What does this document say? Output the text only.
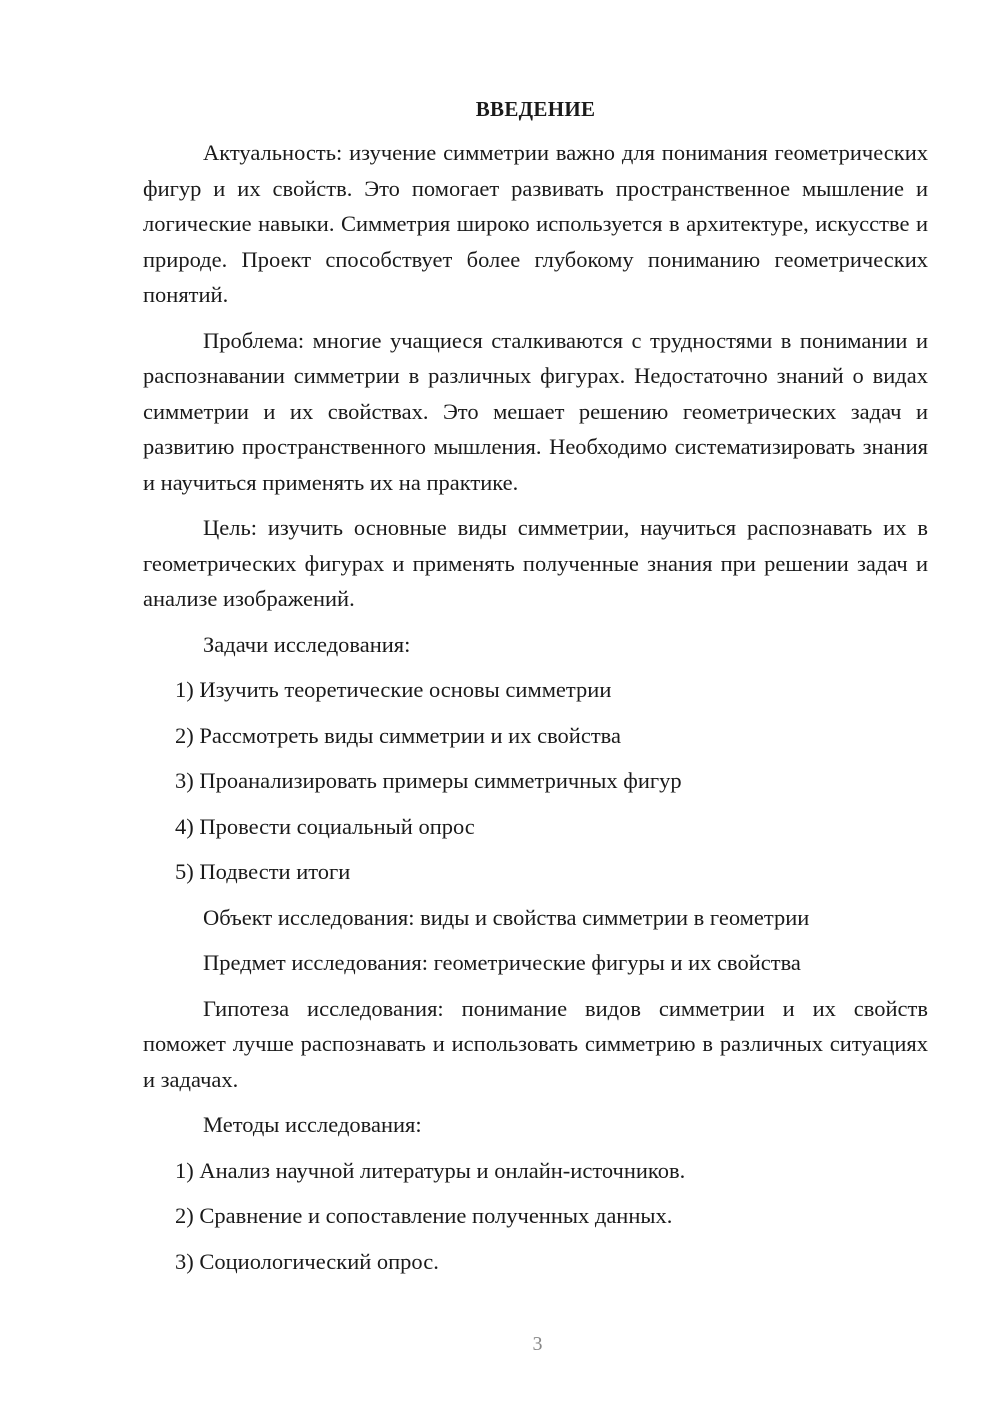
ВВЕДЕНИЕ

Актуальность: изучение симметрии важно для понимания геометрических фигур и их свойств. Это помогает развивать пространственное мышление и логические навыки. Симметрия широко используется в архитектуре, искусстве и природе. Проект способствует более глубокому пониманию геометрических понятий.

Проблема: многие учащиеся сталкиваются с трудностями в понимании и распознавании симметрии в различных фигурах. Недостаточно знаний о видах симметрии и их свойствах. Это мешает решению геометрических задач и развитию пространственного мышления. Необходимо систематизировать знания и научиться применять их на практике.

Цель: изучить основные виды симметрии, научиться распознавать их в геометрических фигурах и применять полученные знания при решении задач и анализе изображений.

Задачи исследования:
1) Изучить теоретические основы симметрии
2) Рассмотреть виды симметрии и их свойства
3) Проанализировать примеры симметричных фигур
4) Провести социальный опрос
5) Подвести итоги
Объект исследования: виды и свойства симметрии в геометрии
Предмет исследования: геометрические фигуры и их свойства

Гипотеза исследования: понимание видов симметрии и их свойств поможет лучше распознавать и использовать симметрию в различных ситуациях и задачах.

Методы исследования:
1) Анализ научной литературы и онлайн-источников.
2) Сравнение и сопоставление полученных данных.
3) Социологический опрос.
3
